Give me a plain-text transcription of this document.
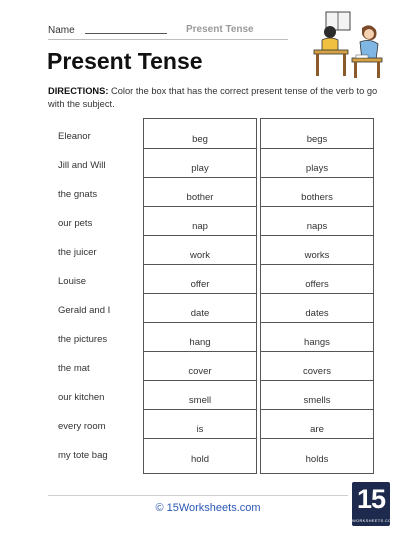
Name	Present Tense
Present Tense
DIRECTIONS: Color the box that has the correct present tense of the verb to go with the subject.
Eleanor
Jill and Will
the gnats
our pets
the juicer
Louise
Gerald and I
the pictures
the mat
our kitchen
every room
my tote bag
beg
play
bother
nap
work
offer
date
hang
cover
smell
is
hold
begs
plays
bothers
naps
works
offers
dates
hangs
covers
smells
are
holds
© 15Worksheets.com	15
WORKSHEETS.COM
